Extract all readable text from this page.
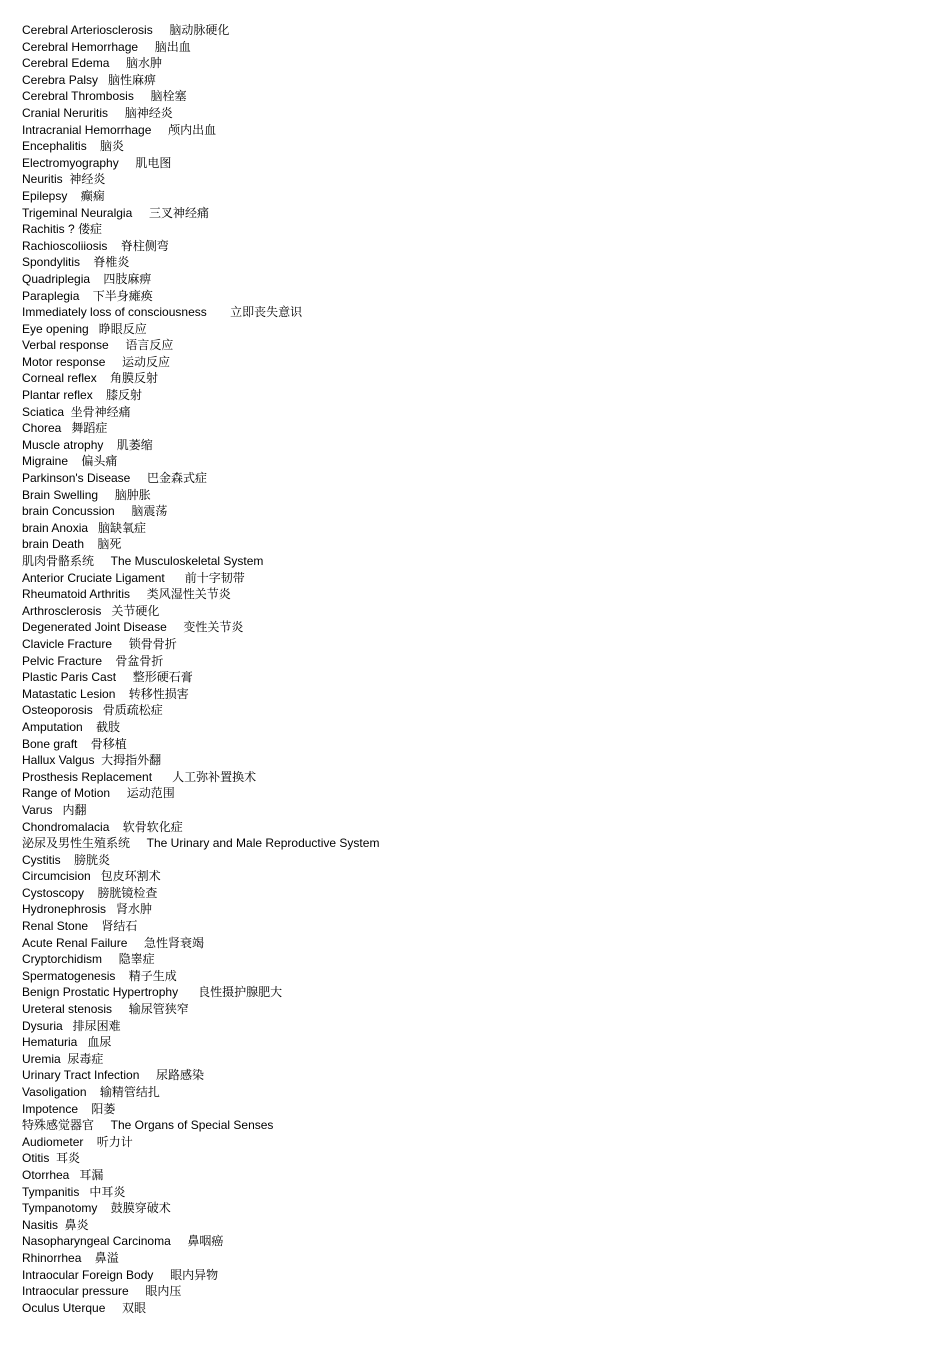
Cerebral Arteriosclerosis     脑动脉硬化
Cerebral Hemorrhage     脑出血
Cerebral Edema     脑水肿
Cerebra Palsy   脑性麻痹
Cerebral Thrombosis     脑栓塞
Cranial Neruritis     脑神经炎
Intracranial Hemorrhage     颅内出血
Encephalitis    脑炎
Electromyography     肌电图
Neuritis  神经炎
Epilepsy    癫痫
Trigeminal Neuralgia     三叉神经痛
Rachitis ? 偻症
Rachioscoliiosis    脊柱侧弯
Spondylitis    脊椎炎
Quadriplegia    四肢麻痹
Paraplegia    下半身瘫痪
Immediately loss of consciousness       立即丧失意识
Eye opening   睁眼反应
Verbal response     语言反应
Motor response     运动反应
Corneal reflex    角膜反射
Plantar reflex    膝反射
Sciatica  坐骨神经痛
Chorea   舞蹈症
Muscle atrophy    肌萎缩
Migraine    偏头痛
Parkinson's Disease     巴金森式症
Brain Swelling     脑肿胀
brain Concussion     脑震荡
brain Anoxia   脑缺氧症
brain Death    脑死
肌肉骨骼系统     The Musculoskeletal System
Anterior Cruciate Ligament      前十字韧带
Rheumatoid Arthritis     类风湿性关节炎
Arthrosclerosis   关节硬化
Degenerated Joint Disease     变性关节炎
Clavicle Fracture     锁骨骨折
Pelvic Fracture    骨盆骨折
Plastic Paris Cast     整形硬石膏
Matastatic Lesion    转移性损害
Osteoporosis   骨质疏松症
Amputation    截肢
Bone graft    骨移植
Hallux Valgus  大拇指外翻
Prosthesis Replacement      人工弥补置换术
Range of Motion     运动范围
Varus   内翻
Chondromalacia    软骨软化症
泌尿及男性生殖系统     The Urinary and Male Reproductive System
Cystitis    膀胱炎
Circumcision   包皮环割术
Cystoscopy    膀胱镜检查
Hydronephrosis   肾水肿
Renal Stone    肾结石
Acute Renal Failure     急性肾衰竭
Cryptorchidism     隐睾症
Spermatogenesis    精子生成
Benign Prostatic Hypertrophy      良性摄护腺肥大
Ureteral stenosis     输尿管狭窄
Dysuria   排尿困难
Hematuria   血尿
Uremia  尿毒症
Urinary Tract Infection     尿路感染
Vasoligation    输精管结扎
Impotence    阳萎
特殊感觉器官     The Organs of Special Senses
Audiometer    听力计
Otitis  耳炎
Otorrhea   耳漏
Tympanitis   中耳炎
Tympanotomy    鼓膜穿破术
Nasitis  鼻炎
Nasopharyngeal Carcinoma     鼻咽癌
Rhinorrhea    鼻溢
Intraocular Foreign Body     眼内异物
Intraocular pressure     眼内压
Oculus Uterque     双眼
